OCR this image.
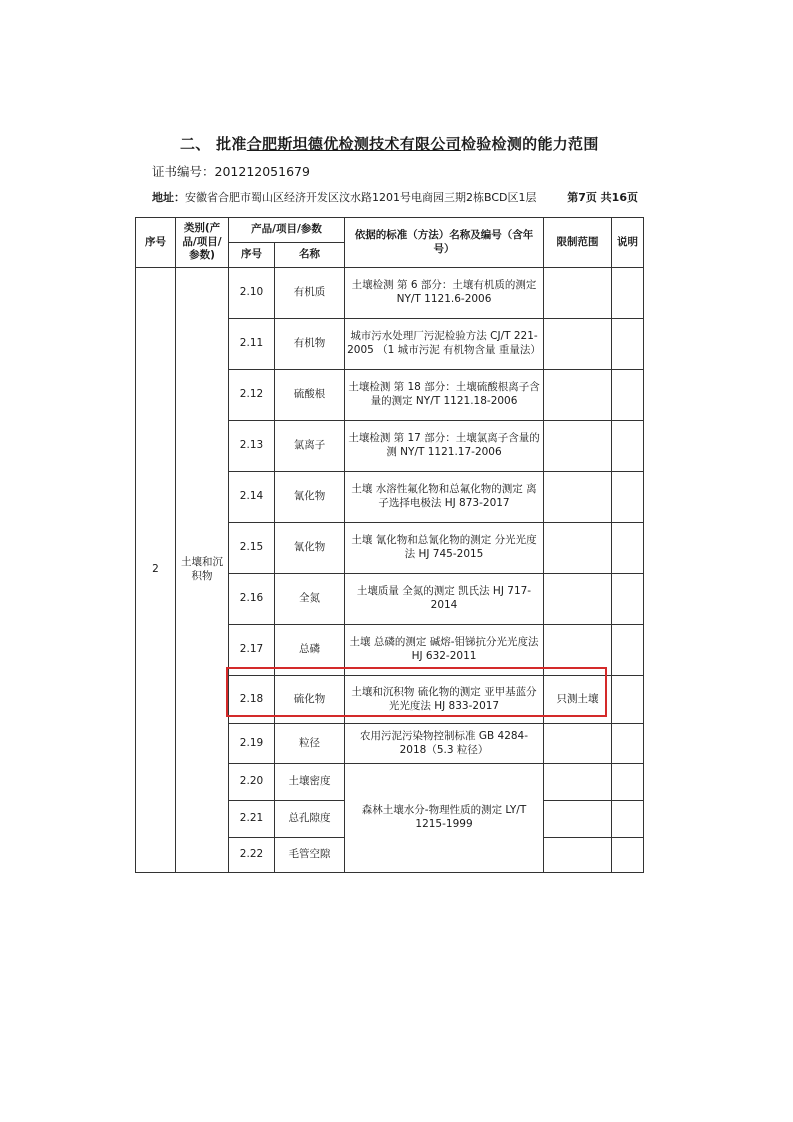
二、 批准合肥斯坦德优检测技术有限公司检验检测的能力范围
证书编号：201212051679
地址：安徽省合肥市蜀山区经济开发区汶水路1201号电商园三期2栋BCD区1层	第7页 共16页
序号	类别(产品/项目/参数)	产品/项目/参数		依据的标准（方法）名称及编号（含年号）	限制范围	说明
		序号	名称			
2	土壤和沉积物	2.10	有机质	土壤检测 第 6 部分：土壤有机质的测定 NY/T 1121.6-2006		
		2.11	有机物	城市污水处理厂污泥检验方法 CJ/T 221-2005 （1 城市污泥 有机物含量 重量法）		
		2.12	硫酸根	土壤检测 第 18 部分：土壤硫酸根离子含量的测定 NY/T 1121.18-2006		
		2.13	氯离子	土壤检测 第 17 部分：土壤氯离子含量的测 NY/T 1121.17-2006		
		2.14	氰化物	土壤 水溶性氟化物和总氟化物的测定 离子选择电极法 HJ 873-2017		
		2.15	氰化物	土壤 氰化物和总氰化物的测定 分光光度法 HJ 745-2015		
		2.16	全氮	土壤质量 全氮的测定 凯氏法 HJ 717-2014		
		2.17	总磷	土壤 总磷的测定 碱熔-钼锑抗分光光度法 HJ 632-2011		
		2.18	硫化物	土壤和沉积物 硫化物的测定 亚甲基蓝分光光度法 HJ 833-2017	只测土壤	
		2.19	粒径	农用污泥污染物控制标准 GB 4284-2018（5.3 粒径）		
		2.20	土壤密度	森林土壤水分-物理性质的测定 LY/T 1215-1999		
		2.21	总孔隙度			
		2.22	毛管空隙			
